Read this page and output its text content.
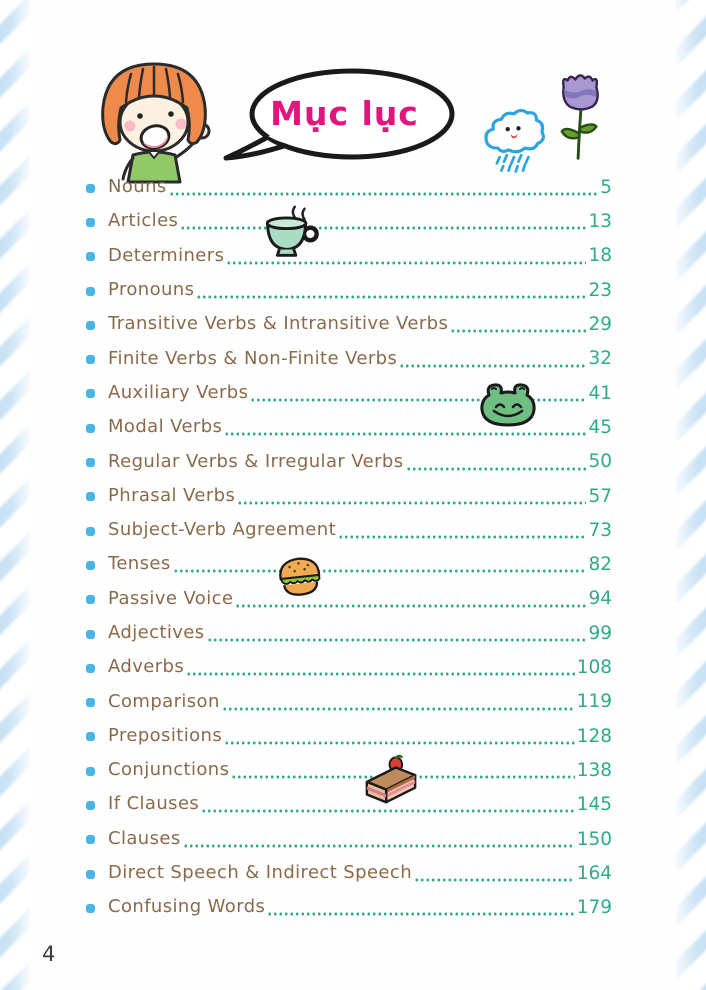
Mục lục
Nouns	5
Articles	13
Determiners	18
Pronouns	23
Transitive Verbs & Intransitive Verbs	29
Finite Verbs & Non-Finite Verbs	32
Auxiliary Verbs	41
Modal Verbs	45
Regular Verbs & Irregular Verbs	50
Phrasal Verbs	57
Subject-Verb Agreement	73
Tenses	82
Passive Voice	94
Adjectives	99
Adverbs	108
Comparison	119
Prepositions	128
Conjunctions	138
If Clauses	145
Clauses	150
Direct Speech & Indirect Speech	164
Confusing Words	179
4
